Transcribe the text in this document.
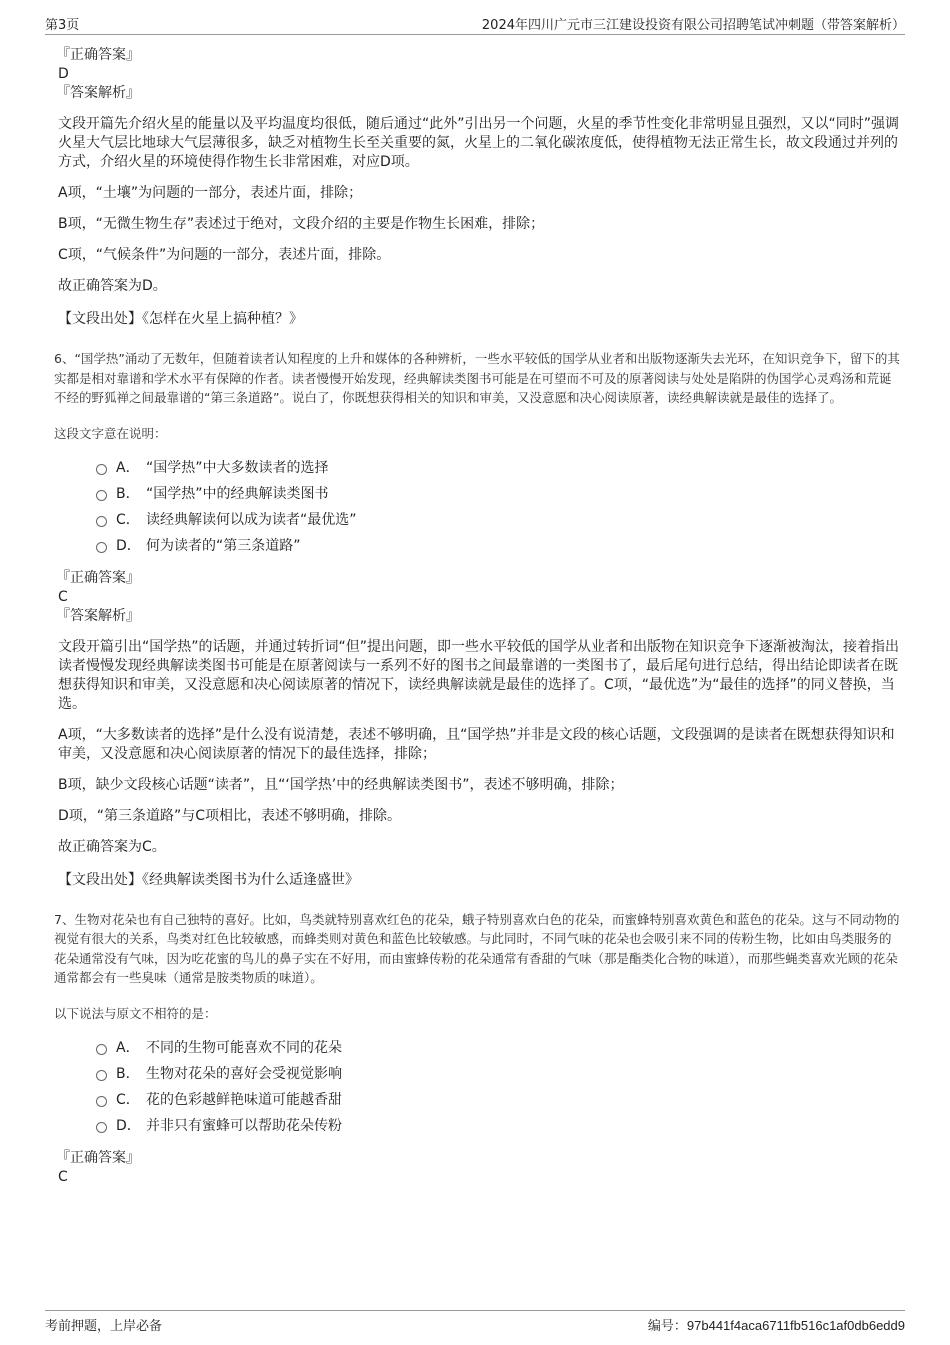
第3页	2024年四川广元市三江建设投资有限公司招聘笔试冲刺题（带答案解析）

『正确答案』

D

『答案解析』

文段开篇先介绍火星的能量以及平均温度均很低，随后通过“此外”引出另一个问题，火星的季节性变化非常明显且强烈，又以“同时”强调火星大气层比地球大气层薄很多，缺乏对植物生长至关重要的氮，火星上的二氧化碳浓度低，使得植物无法正常生长，故文段通过并列的方式，介绍火星的环境使得作物生长非常困难，对应D项。

A项，“土壤”为问题的一部分，表述片面，排除；

B项，“无微生物生存”表述过于绝对，文段介绍的主要是作物生长困难，排除；

C项，“气候条件”为问题的一部分，表述片面，排除。

故正确答案为D。

【文段出处】《怎样在火星上搞种植？》

6、“国学热”涌动了无数年，但随着读者认知程度的上升和媒体的各种辨析，一些水平较低的国学从业者和出版物逐渐失去光环，在知识竞争下，留下的其实都是相对靠谱和学术水平有保障的作者。读者慢慢开始发现，经典解读类图书可能是在可望而不可及的原著阅读与处处是陷阱的伪国学心灵鸡汤和荒诞不经的野狐禅之间最靠谱的“第三条道路”。说白了，你既想获得相关的知识和审美，又没意愿和决心阅读原著，读经典解读就是最佳的选择了。

这段文字意在说明：

A． “国学热”中大多数读者的选择
B． “国学热”中的经典解读类图书
C． 读经典解读何以成为读者“最优选”
D． 何为读者的“第三条道路”

『正确答案』

C

『答案解析』

文段开篇引出“国学热”的话题，并通过转折词“但”提出问题，即一些水平较低的国学从业者和出版物在知识竞争下逐渐被淘汰，接着指出读者慢慢发现经典解读类图书可能是在原著阅读与一系列不好的图书之间最靠谱的一类图书了，最后尾句进行总结，得出结论即读者在既想获得知识和审美，又没意愿和决心阅读原著的情况下，读经典解读就是最佳的选择了。C项，“最优选”为“最佳的选择”的同义替换，当选。

A项，“大多数读者的选择”是什么没有说清楚，表述不够明确，且“国学热”并非是文段的核心话题，文段强调的是读者在既想获得知识和审美，又没意愿和决心阅读原著的情况下的最佳选择，排除；

B项，缺少文段核心话题“读者”，且“‘国学热’中的经典解读类图书”，表述不够明确，排除；

D项，“第三条道路”与C项相比，表述不够明确，排除。

故正确答案为C。

【文段出处】《经典解读类图书为什么适逢盛世》

7、生物对花朵也有自己独特的喜好。比如，鸟类就特别喜欢红色的花朵，蛾子特别喜欢白色的花朵，而蜜蜂特别喜欢黄色和蓝色的花朵。这与不同动物的视觉有很大的关系，鸟类对红色比较敏感，而蜂类则对黄色和蓝色比较敏感。与此同时，不同气味的花朵也会吸引来不同的传粉生物，比如由鸟类服务的花朵通常没有气味，因为吃花蜜的鸟儿的鼻子实在不好用，而由蜜蜂传粉的花朵通常有香甜的气味（那是酯类化合物的味道），而那些蝇类喜欢光顾的花朵通常都会有一些臭味（通常是胺类物质的味道）。

以下说法与原文不相符的是：

A． 不同的生物可能喜欢不同的花朵
B． 生物对花朵的喜好会受视觉影响
C． 花的色彩越鲜艳味道可能越香甜
D． 并非只有蜜蜂可以帮助花朵传粉

『正确答案』

C

考前押题，上岸必备	编号：97b441f4aca6711fb516c1af0db6edd9
